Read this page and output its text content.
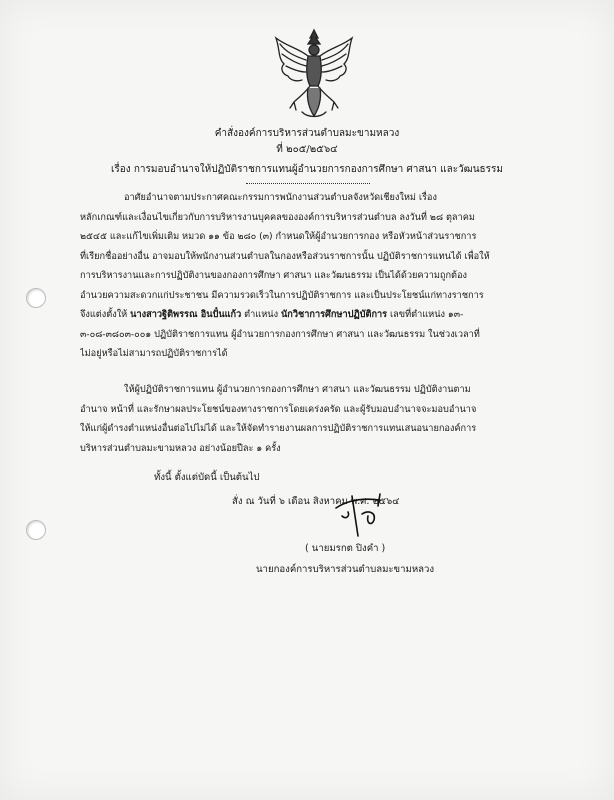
คำสั่งองค์การบริหารส่วนตำบลมะขามหลวง
ที่ ๒๐๕/๒๕๖๔
เรื่อง การมอบอำนาจให้ปฏิบัติราชการแทนผู้อำนวยการกองการศึกษา ศาสนา และวัฒนธรรม
อาศัยอำนาจตามประกาศคณะกรรมการพนักงานส่วนตำบลจังหวัดเชียงใหม่ เรื่อง
หลักเกณฑ์และเงื่อนไขเกี่ยวกับการบริหารงานบุคคลขององค์การบริหารส่วนตำบล ลงวันที่ ๒๘ ตุลาคม
๒๕๔๕ และแก้ไขเพิ่มเติม หมวด ๑๑ ข้อ ๒๘๐ (๓) กำหนดให้ผู้อำนวยการกอง หรือหัวหน้าส่วนราชการ
ที่เรียกชื่ออย่างอื่น อาจมอบให้พนักงานส่วนตำบลในกองหรือส่วนราชการนั้น ปฏิบัติราชการแทนได้ เพื่อให้
การบริหารงานและการปฏิบัติงานของกองการศึกษา ศาสนา และวัฒนธรรม เป็นได้ด้วยความถูกต้อง
อำนวยความสะดวกแก่ประชาชน มีความรวดเร็วในการปฏิบัติราชการ และเป็นประโยชน์แก่ทางราชการ
จึงแต่งตั้งให้ นางสาวฐิติพรรณ อินปั๋นแก้ว ตำแหน่ง นักวิชาการศึกษาปฏิบัติการ เลขที่ตำแหน่ง ๑๓-
๓-๐๘-๓๘๐๓-๐๐๑ ปฏิบัติราชการแทน ผู้อำนวยการกองการศึกษา ศาสนา และวัฒนธรรม ในช่วงเวลาที่
ไม่อยู่หรือไม่สามารถปฏิบัติราชการได้
ให้ผู้ปฏิบัติราชการแทน ผู้อำนวยการกองการศึกษา ศาสนา และวัฒนธรรม ปฏิบัติงานตาม
อำนาจ หน้าที่ และรักษาผลประโยชน์ของทางราชการโดยเคร่งครัด และผู้รับมอบอำนาจจะมอบอำนาจ
ให้แก่ผู้ดำรงตำแหน่งอื่นต่อไปไม่ได้ และให้จัดทำรายงานผลการปฏิบัติราชการแทนเสนอนายกองค์การ
บริหารส่วนตำบลมะขามหลวง อย่างน้อยปีละ ๑ ครั้ง
ทั้งนี้ ตั้งแต่บัดนี้ เป็นต้นไป
สั่ง ณ วันที่ ๖ เดือน สิงหาคม พ.ศ. ๒๕๖๔
( นายมรกต ปิงคำ )
นายกองค์การบริหารส่วนตำบลมะขามหลวง
